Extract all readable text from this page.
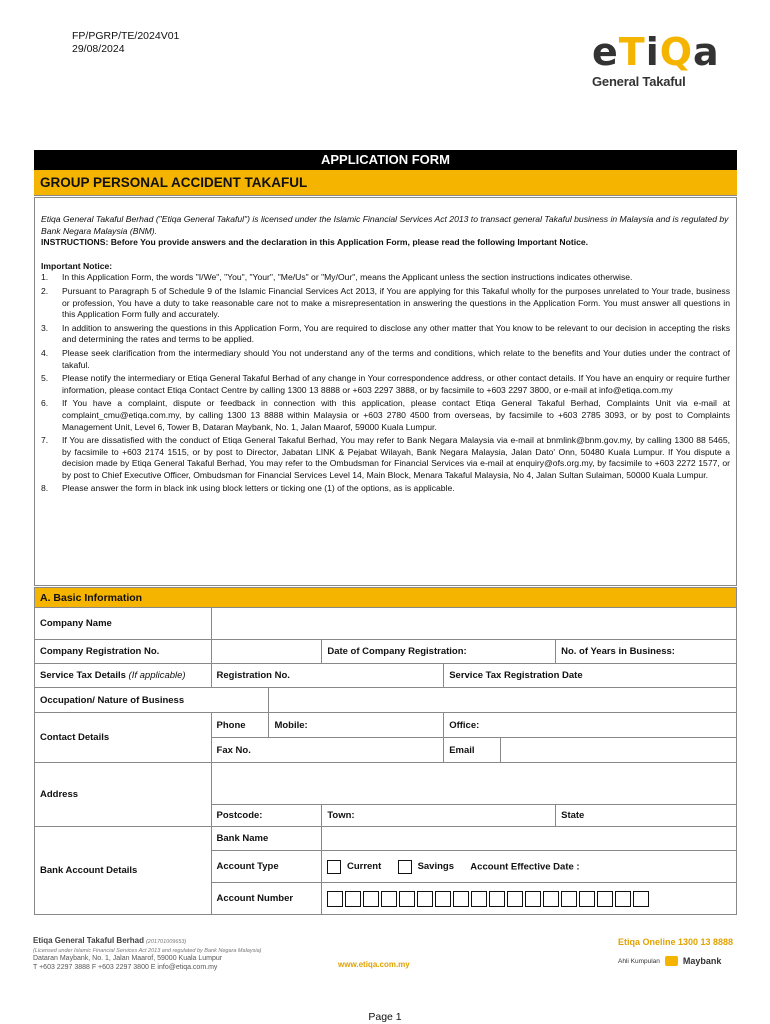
FP/PGRP/TE/2024V01
29/08/2024	eTiQa
General Takaful
APPLICATION FORM
GROUP PERSONAL ACCIDENT TAKAFUL

Etiqa General Takaful Berhad ("Etiqa General Takaful") is licensed under the Islamic Financial Services Act 2013 to transact general Takaful business in Malaysia and is regulated by Bank Negara Malaysia (BNM).

INSTRUCTIONS: Before You provide answers and the declaration in this Application Form, please read the following Important Notice.

Important Notice:

1. In this Application Form, the words "I/We", "You", "Your", "Me/Us" or "My/Our", means the Applicant unless the section instructions indicates otherwise.
2. Pursuant to Paragraph 5 of Schedule 9 of the Islamic Financial Services Act 2013, if You are applying for this Takaful wholly for the purposes unrelated to Your trade, business or profession, You have a duty to take reasonable care not to make a misrepresentation in answering the questions in the Application Form. You must answer all questions in this Application Form fully and accurately.
3. In addition to answering the questions in this Application Form, You are required to disclose any other matter that You know to be relevant to our decision in accepting the risks and determining the rates and terms to be applied.
4. Please seek clarification from the intermediary should You not understand any of the terms and conditions, which relate to the benefits and Your duties under the contract of takaful.
5. Please notify the intermediary or Etiqa General Takaful Berhad of any change in Your correspondence address, or other contact details. If You have an enquiry or require further information, please contact Etiqa Contact Centre by calling 1300 13 8888 or +603 2297 3888, or by facsimile to +603 2297 3800, or e-mail at info@etiqa.com.my
6. If You have a complaint, dispute or feedback in connection with this application, please contact Etiqa General Takaful Berhad, Complaints Unit via e-mail at complaint_cmu@etiqa.com.my, by calling 1300 13 8888 within Malaysia or +603 2780 4500 from overseas, by facsimile to +603 2785 3093, or by post to Complaints Management Unit, Level 6, Tower B, Dataran Maybank, No. 1, Jalan Maarof, 59000 Kuala Lumpur.
7. If You are dissatisfied with the conduct of Etiqa General Takaful Berhad, You may refer to Bank Negara Malaysia via e-mail at bnmlink@bnm.gov.my, by calling 1300 88 5465, by facsimile to +603 2174 1515, or by post to Director, Jabatan LINK & Pejabat Wilayah, Bank Negara Malaysia, Jalan Dato' Onn, 50480 Kuala Lumpur. If You dispute a decision made by Etiqa General Takaful Berhad, You may refer to the Ombudsman for Financial Services via e-mail at enquiry@ofs.org.my, by facsimile to +603 2272 1577, or by post to Chief Executive Officer, Ombudsman for Financial Services Level 14, Main Block, Menara Takaful Malaysia, No 4, Jalan Sultan Sulaiman, 50000 Kuala Lumpur.
8. Please answer the form in black ink using block letters or ticking one (1) of the options, as is applicable.
A. Basic Information						
Company Name						
Company Registration No.			Date of Company Registration:			No. of Years in Business:
Service Tax Details (If applicable)	Registration No.			Service Tax Registration Date		
Occupation/ Nature of Business						
Contact Details	Phone	Mobile:		Office:		
	Fax No.			Email		
Address						
	Postcode:		Town:			State
Bank Account Details	Bank Name					
	Account Type		Current Savings Account Effective Date :			
	Account Number					
Etiqa General Takaful Berhad (201701009653)
(Licensed under Islamic Financial Services Act 2013 and regulated by Bank Negara Malaysia)
Dataran Maybank, No. 1, Jalan Maarof, 59000 Kuala Lumpur
T +603 2297 3888 F +603 2297 3800 E info@etiqa.com.my	www.etiqa.com.my
Etiqa Oneline 1300 13 8888
Ahli Kumpulan	Maybank
Page 1
